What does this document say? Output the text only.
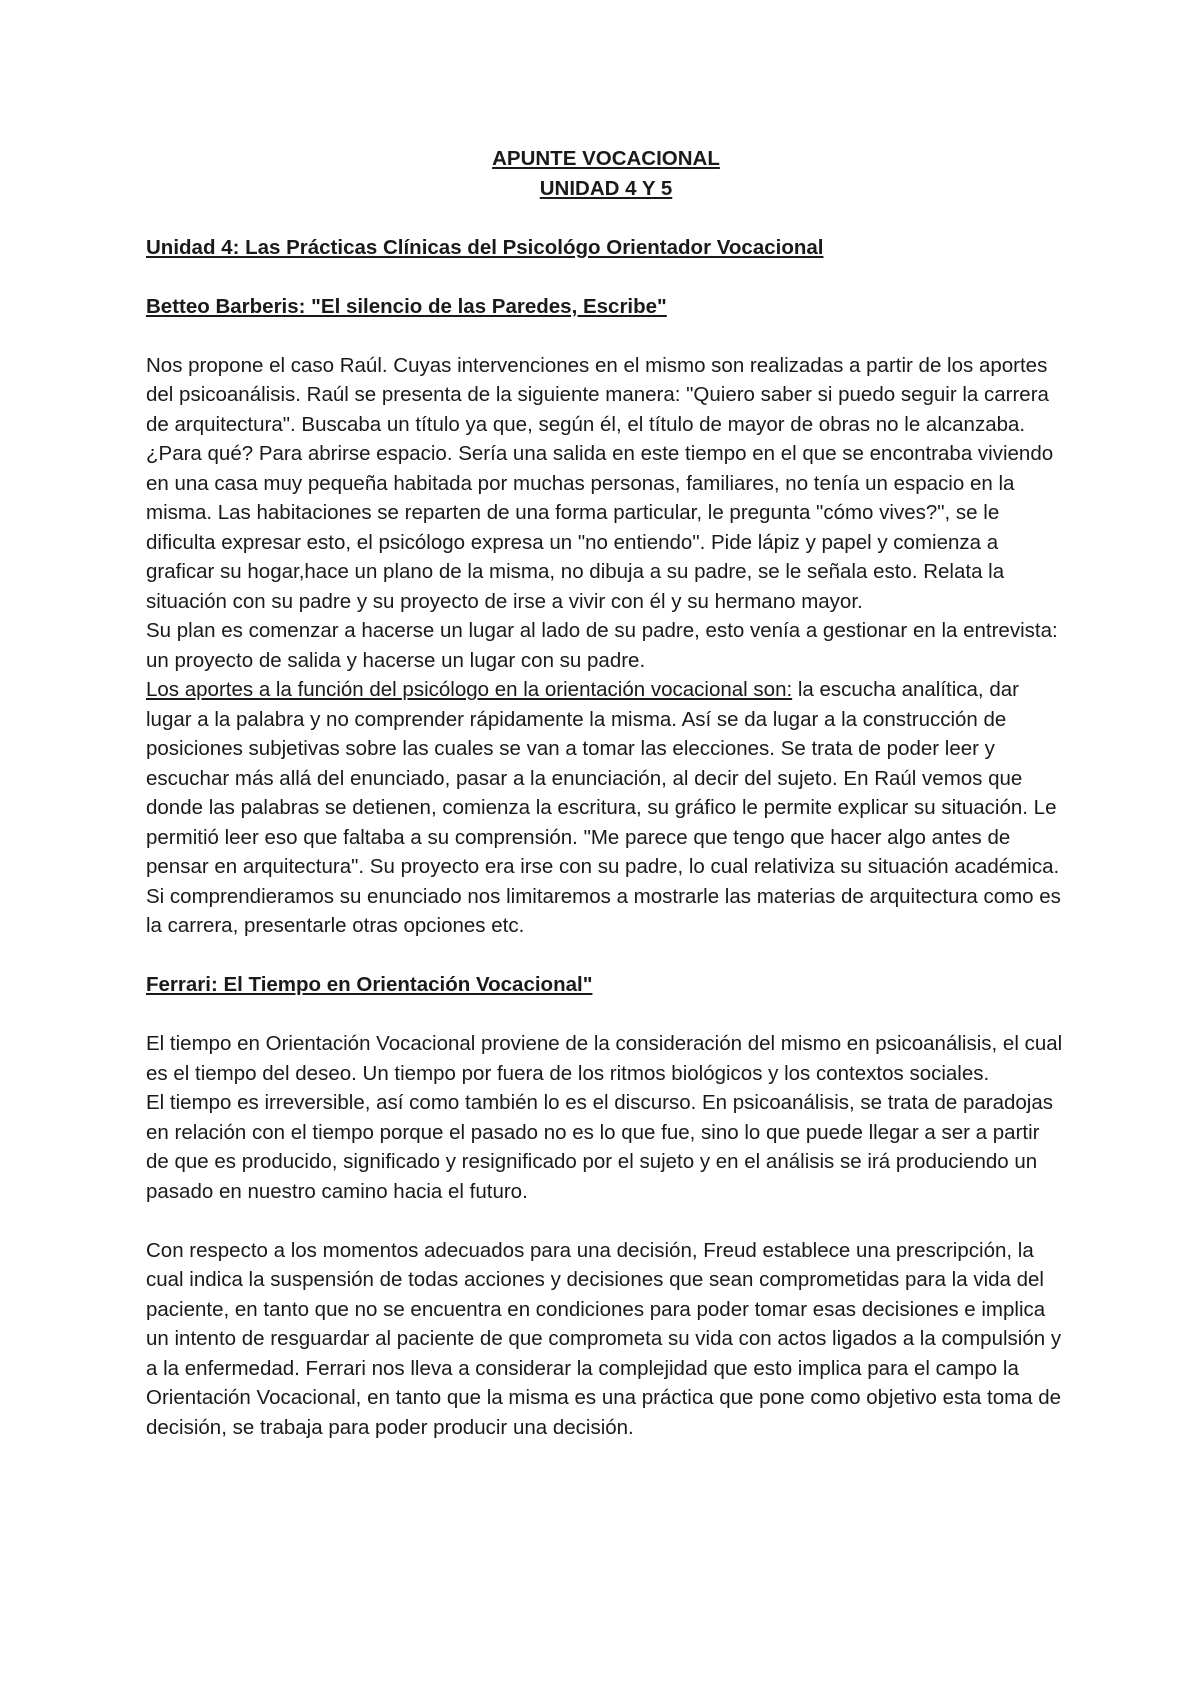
APUNTE VOCACIONAL

UNIDAD 4 Y 5

Unidad 4: Las Prácticas Clínicas del Psicológo Orientador Vocacional

Betteo Barberis: "El silencio de las Paredes, Escribe"

Nos propone el caso Raúl. Cuyas intervenciones en el mismo son realizadas a partir de los aportes del psicoanálisis. Raúl se presenta de la siguiente manera: "Quiero saber si puedo seguir la carrera de arquitectura". Buscaba un título ya que, según él, el título de mayor de obras no le alcanzaba. ¿Para qué? Para abrirse espacio. Sería una salida en este tiempo en el que se encontraba viviendo en una casa muy pequeña habitada por muchas personas, familiares, no tenía un espacio en la misma. Las habitaciones se reparten de una forma particular, le pregunta "cómo vives?", se le dificulta expresar esto, el psicólogo expresa un "no entiendo". Pide lápiz y papel y comienza a graficar su hogar,hace un plano de la misma, no dibuja a su padre, se le señala esto. Relata la situación con su padre y su proyecto de irse a vivir con él y su hermano mayor.

Su plan es comenzar a hacerse un lugar al lado de su padre, esto venía a gestionar en la entrevista: un proyecto de salida y hacerse un lugar con su padre.

Los aportes a la función del psicólogo en la orientación vocacional son: la escucha analítica, dar lugar a la palabra y no comprender rápidamente la misma. Así se da lugar a la construcción de posiciones subjetivas sobre las cuales se van a tomar las elecciones. Se trata de poder leer y escuchar más allá del enunciado, pasar a la enunciación, al decir del sujeto. En Raúl vemos que donde las palabras se detienen, comienza la escritura, su gráfico le permite explicar su situación. Le permitió leer eso que faltaba a su comprensión. "Me parece que tengo que hacer algo antes de pensar en arquitectura". Su proyecto era irse con su padre, lo cual relativiza su situación académica.

Si comprendieramos su enunciado nos limitaremos a mostrarle las materias de arquitectura como es la carrera, presentarle otras opciones etc.

Ferrari: El Tiempo en Orientación Vocacional"

El tiempo en Orientación Vocacional proviene de la consideración del mismo en psicoanálisis, el cual es el tiempo del deseo. Un tiempo por fuera de los ritmos biológicos y los contextos sociales.

El tiempo es irreversible, así como también lo es el discurso. En psicoanálisis, se trata de paradojas en relación con el tiempo porque el pasado no es lo que fue, sino lo que puede llegar a ser a partir de que es producido, significado y resignificado por el sujeto y en el análisis se irá produciendo un pasado en nuestro camino hacia el futuro.

Con respecto a los momentos adecuados para una decisión, Freud establece una prescripción, la cual indica la suspensión de todas acciones y decisiones que sean comprometidas para la vida del paciente, en tanto que no se encuentra en condiciones para poder tomar esas decisiones e implica un intento de resguardar al paciente de que comprometa su vida con actos ligados a la compulsión y a la enfermedad. Ferrari nos lleva a considerar la complejidad que esto implica para el campo la Orientación Vocacional, en tanto que la misma es una práctica que pone como objetivo esta toma de decisión, se trabaja para poder producir una decisión.
